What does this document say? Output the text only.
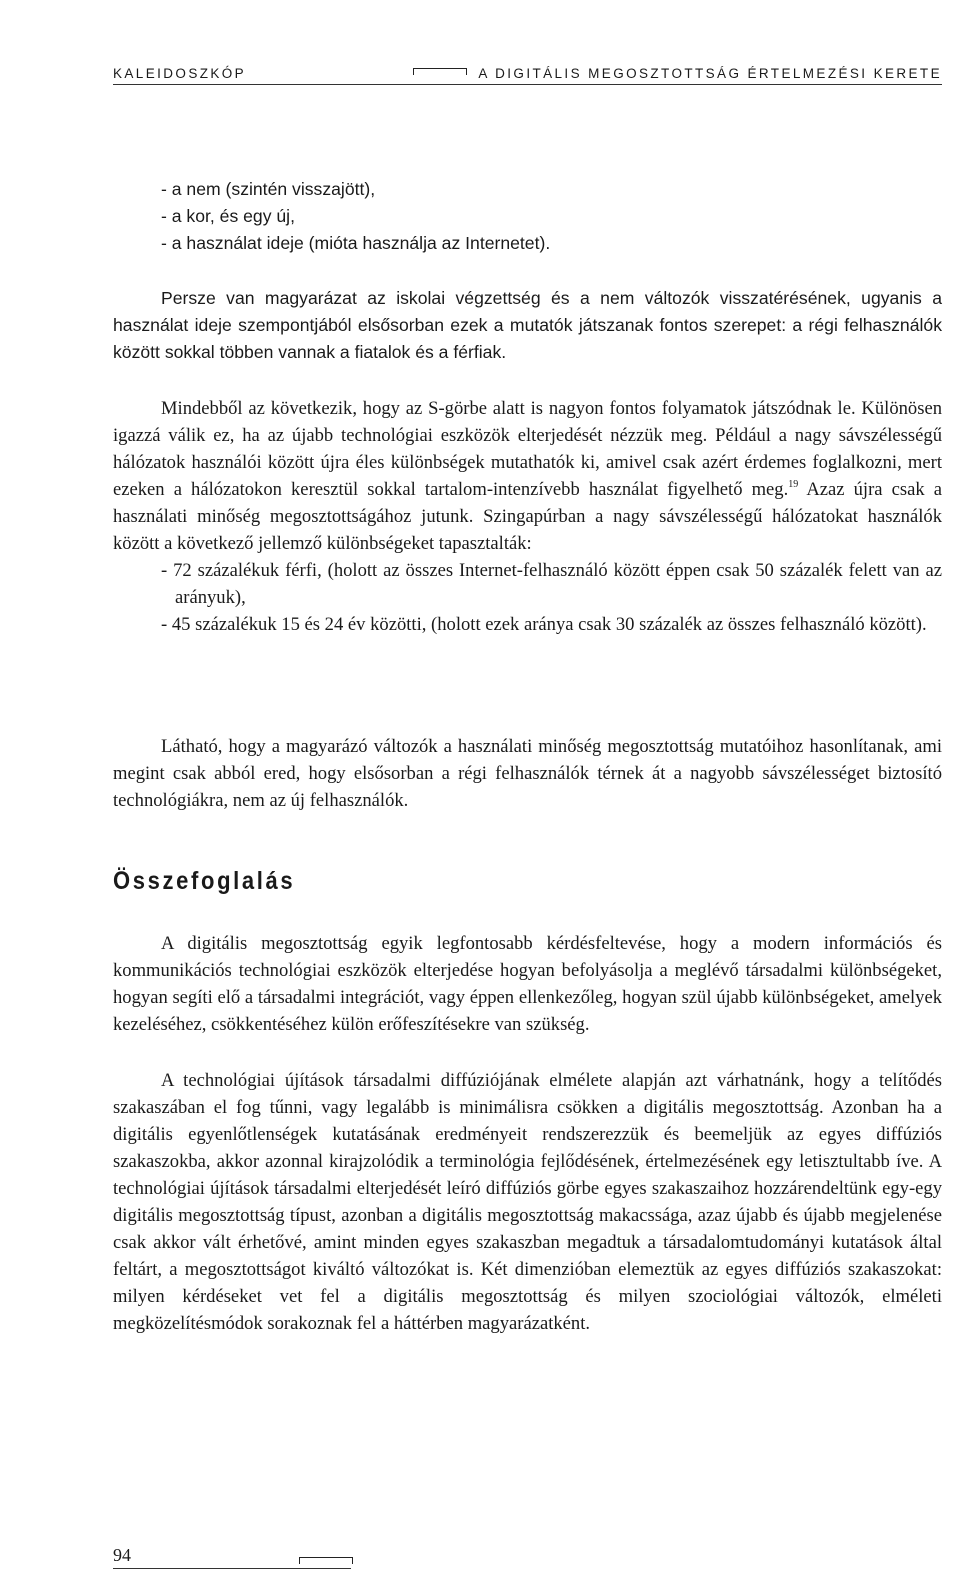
KALEIDOSZKÓP	A DIGITÁLIS MEGOSZTOTTSÁG ÉRTELMEZÉSI KERETE
- a nem (szintén visszajött),
- a kor, és egy új,
- a használat ideje (mióta használja az Internetet).

Persze van magyarázat az iskolai végzettség és a nem változók visszatérésének, ugyanis a használat ideje szempontjából elsősorban ezek a mutatók játszanak fontos szerepet: a régi felhasználók között sokkal többen vannak a fiatalok és a férfiak.

Mindebből az következik, hogy az S-görbe alatt is nagyon fontos folyamatok játszódnak le. Különösen igazzá válik ez, ha az újabb technológiai eszközök elterjedését nézzük meg. Például a nagy sávszélességű hálózatok használói között újra éles különbségek mutathatók ki, amivel csak azért érdemes foglalkozni, mert ezeken a hálózatokon keresztül sokkal tartalom-intenzívebb használat figyelhető meg.$^{19}$ Azaz újra csak a használati minőség megosztottságához jutunk. Szingapúrban a nagy sávszélességű hálózatokat használók között a következő jellemző különbségeket tapasztalták:

- 72 százalékuk férfi, (holott az összes Internet-felhasználó között éppen csak 50 százalék felett van az arányuk),
- 45 százalékuk 15 és 24 év közötti, (holott ezek aránya csak 30 százalék az összes felhasználó között).

Látható, hogy a magyarázó változók a használati minőség megosztottság mutatóihoz hasonlítanak, ami megint csak abból ered, hogy elsősorban a régi felhasználók térnek át a nagyobb sávszélességet biztosító technológiákra, nem az új felhasználók.

Összefoglalás

A digitális megosztottság egyik legfontosabb kérdésfeltevése, hogy a modern információs és kommunikációs technológiai eszközök elterjedése hogyan befolyásolja a meglévő társadalmi különbségeket, hogyan segíti elő a társadalmi integrációt, vagy éppen ellenkezőleg, hogyan szül újabb különbségeket, amelyek kezeléséhez, csökkentéséhez külön erőfeszítésekre van szükség.

A technológiai újítások társadalmi diffúziójának elmélete alapján azt várhatnánk, hogy a telítődés szakaszában el fog tűnni, vagy legalább is minimálisra csökken a digitális megosztottság. Azonban ha a digitális egyenlőtlenségek kutatásának eredményeit rendszerezzük és beemeljük az egyes diffúziós szakaszokba, akkor azonnal kirajzolódik a terminológia fejlődésének, értelmezésének egy letisztultabb íve. A technológiai újítások társadalmi elterjedését leíró diffúziós görbe egyes szakaszaihoz hozzárendeltünk egy-egy digitális megosztottság típust, azonban a digitális megosztottság makacssága, azaz újabb és újabb megjelenése csak akkor vált érhetővé, amint minden egyes szakaszban megadtuk a társadalomtudományi kutatások által feltárt, a megosztottságot kiváltó változókat is. Két dimenzióban elemeztük az egyes diffúziós szakaszokat: milyen kérdéseket vet fel a digitális megosztottság és milyen szociológiai változók, elméleti megközelítésmódok sorakoznak fel a háttérben magyarázatként.

94
